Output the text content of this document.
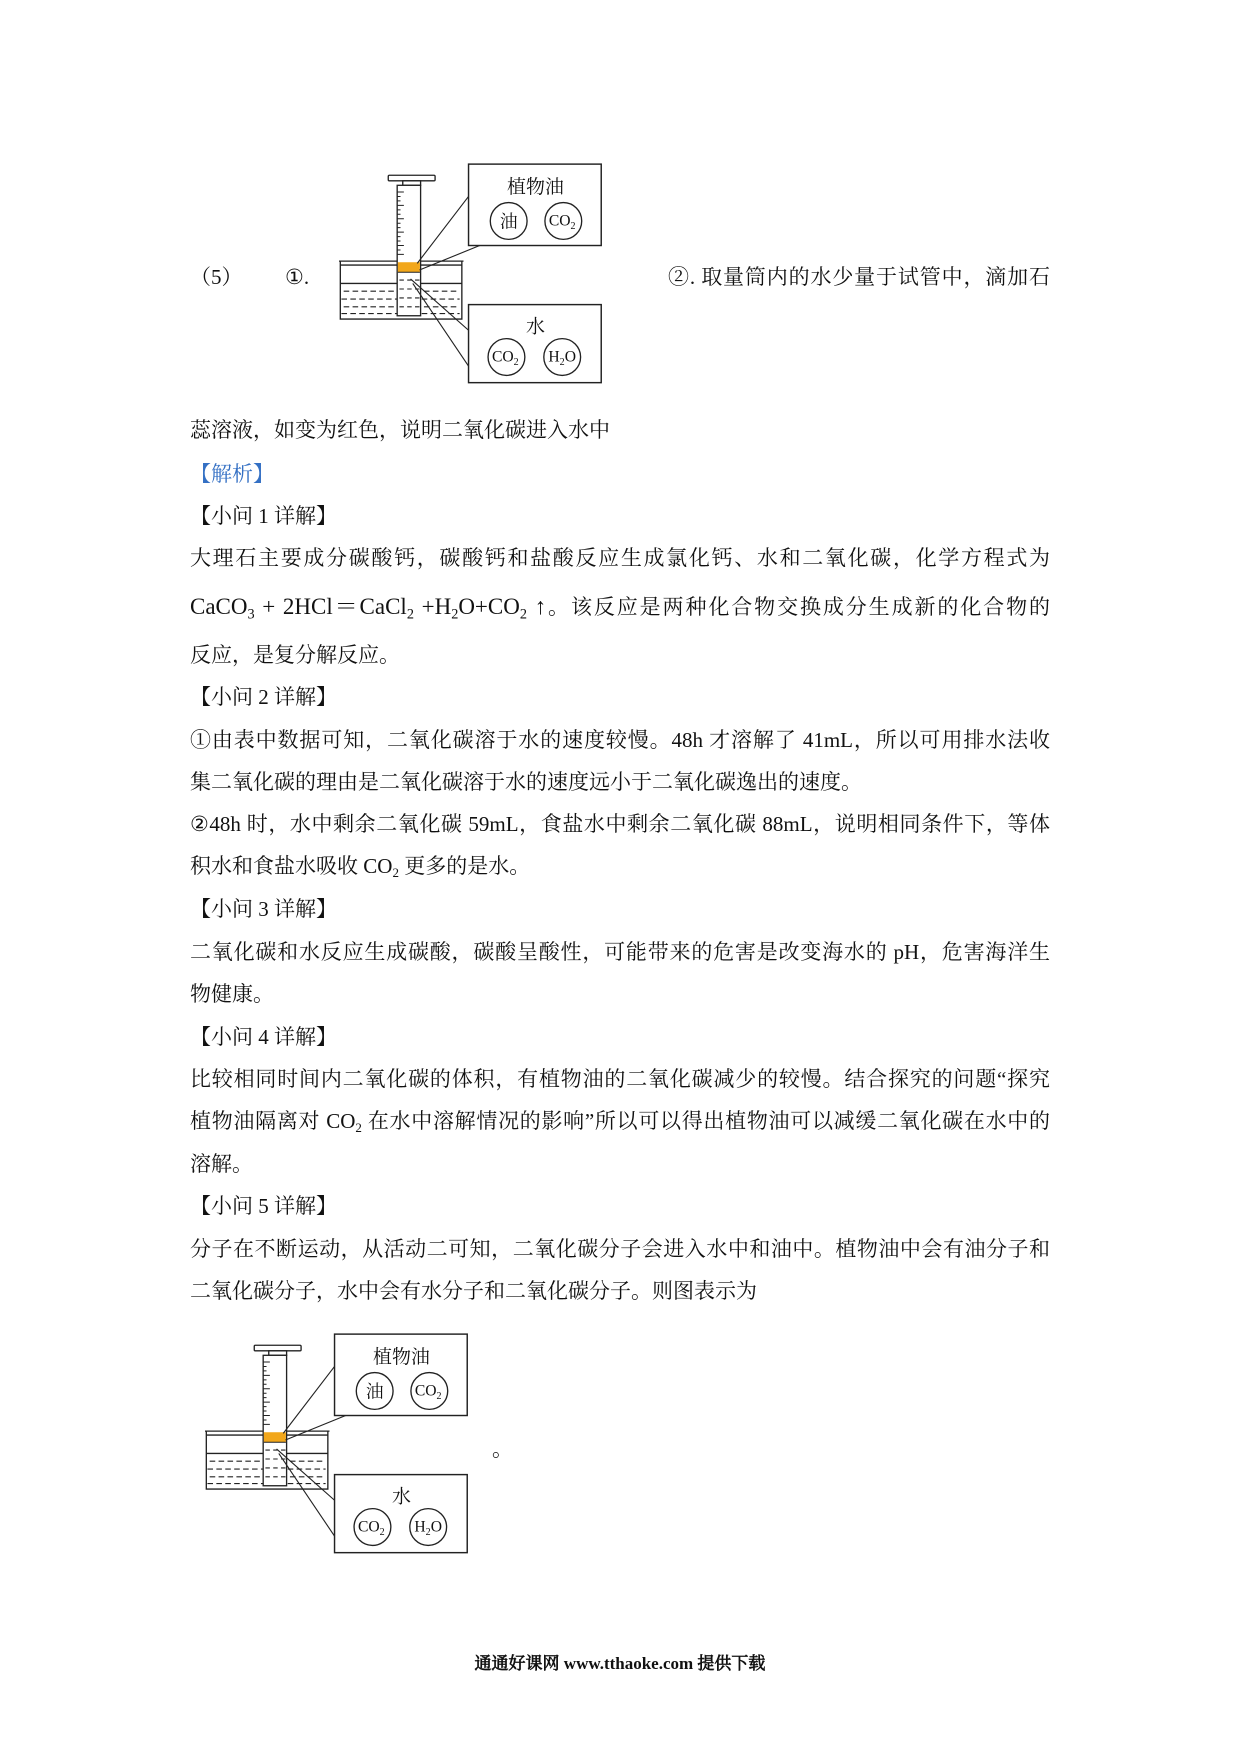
（5） ①.
植物油
油 $CO_2$
水
$CO_2$ $H_2O$
②. 取量筒内的水少量于试管中，滴加石
蕊溶液，如变为红色，说明二氧化碳进入水中
【解析】
【小问 1 详解】
大理石主要成分碳酸钙，碳酸钙和盐酸反应生成氯化钙、水和二氧化碳，化学方程式为
CaCO$_3$ + 2HCl＝CaCl$_2$ $+H_2O+CO_2$ ↑。该反应是两种化合物交换成分生成新的化合物的
反应，是复分解反应。
【小问 2 详解】
①由表中数据可知，二氧化碳溶于水的速度较慢。48h 才溶解了 41mL，所以可用排水法收
集二氧化碳的理由是二氧化碳溶于水的速度远小于二氧化碳逸出的速度。
②48h 时，水中剩余二氧化碳 59mL，食盐水中剩余二氧化碳 88mL，说明相同条件下，等体
积水和食盐水吸收 $CO_2$ 更多的是水。
【小问 3 详解】
二氧化碳和水反应生成碳酸，碳酸呈酸性，可能带来的危害是改变海水的 pH，危害海洋生
物健康。
【小问 4 详解】
比较相同时间内二氧化碳的体积，有植物油的二氧化碳减少的较慢。结合探究的问题“探究
植物油隔离对 $CO_2$ 在水中溶解情况的影响”所以可以得出植物油可以减缓二氧化碳在水中的
溶解。
【小问 5 详解】
分子在不断运动，从活动二可知，二氧化碳分子会进入水中和油中。植物油中会有油分子和
二氧化碳分子，水中会有水分子和二氧化碳分子。则图表示为
植物油
油 $CO_2$
水
$CO_2$ $H_2O$
。
通通好课网 www.tthaoke.com 提供下载
